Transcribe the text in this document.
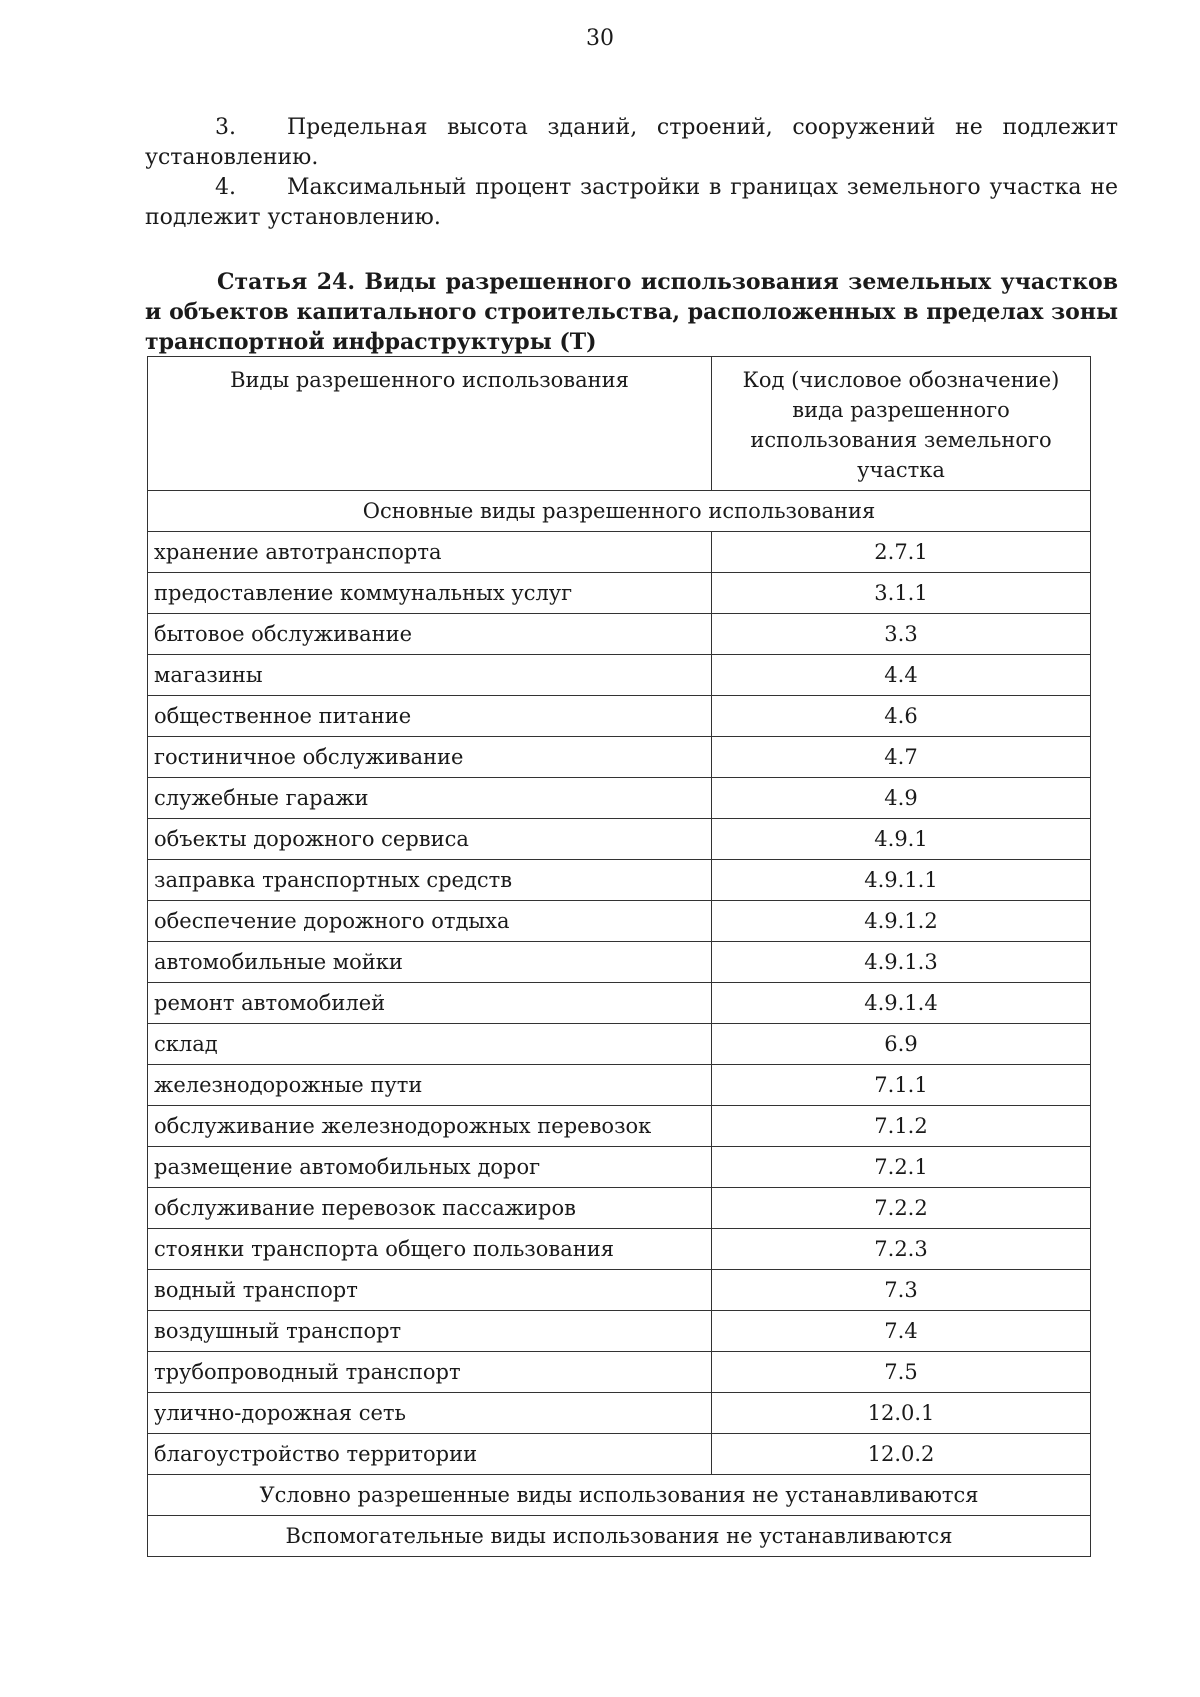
30

3. Предельная высота зданий, строений, сооружений не подлежит установлению.

4. Максимальный процент застройки в границах земельного участка не подлежит установлению.

Статья 24. Виды разрешенного использования земельных участков и объектов капитального строительства, расположенных в пределах зоны транспортной инфраструктуры (Т)
Виды разрешенного использования	Код (числовое обозначение) вида разрешенного использования земельного участка
Основные виды разрешенного использования	
хранение автотранспорта	2.7.1
предоставление коммунальных услуг	3.1.1
бытовое обслуживание	3.3
магазины	4.4
общественное питание	4.6
гостиничное обслуживание	4.7
служебные гаражи	4.9
объекты дорожного сервиса	4.9.1
заправка транспортных средств	4.9.1.1
обеспечение дорожного отдыха	4.9.1.2
автомобильные мойки	4.9.1.3
ремонт автомобилей	4.9.1.4
склад	6.9
железнодорожные пути	7.1.1
обслуживание железнодорожных перевозок	7.1.2
размещение автомобильных дорог	7.2.1
обслуживание перевозок пассажиров	7.2.2
стоянки транспорта общего пользования	7.2.3
водный транспорт	7.3
воздушный транспорт	7.4
трубопроводный транспорт	7.5
улично-дорожная сеть	12.0.1
благоустройство территории	12.0.2
Условно разрешенные виды использования не устанавливаются	
Вспомогательные виды использования не устанавливаются	
